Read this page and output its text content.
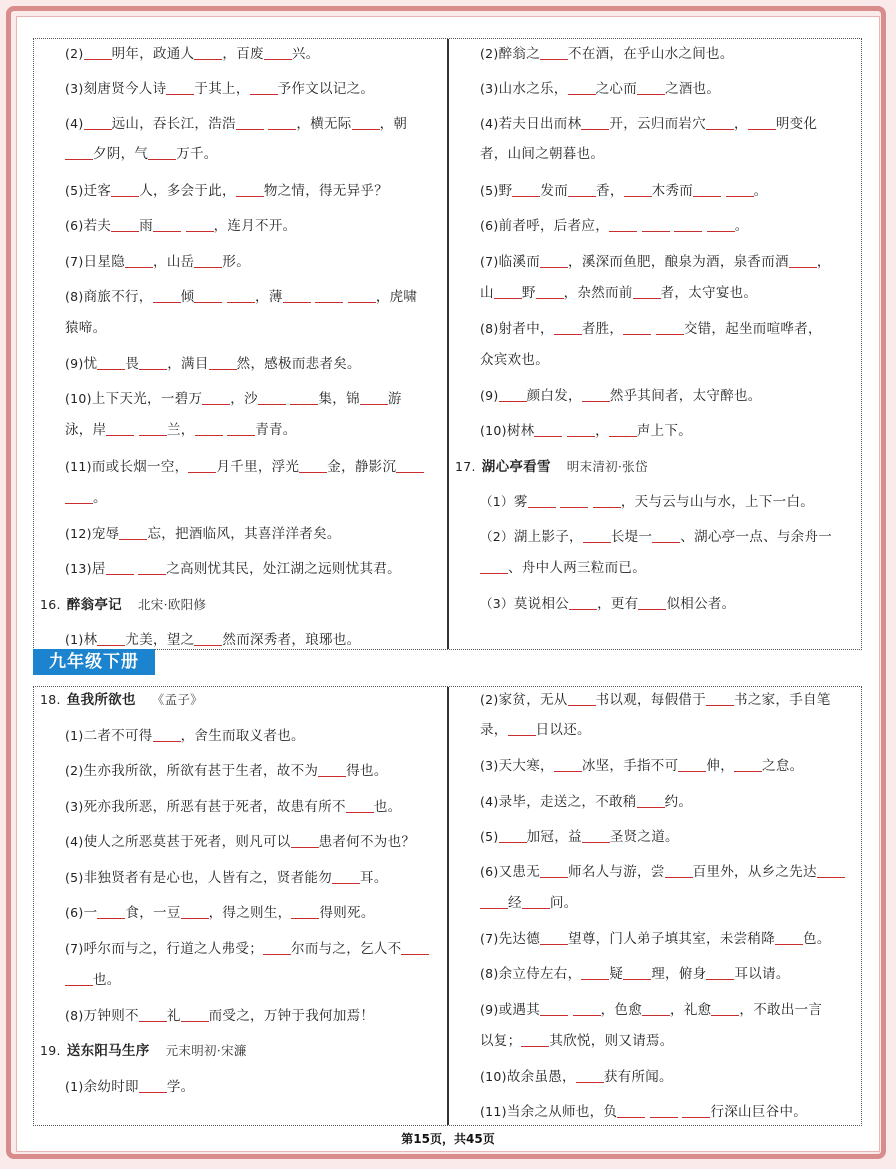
(2) 明年，政通人 ，百废 兴。
(3)刻唐贤今人诗 于其上， 予作文以记之。
(4) 远山，吞长江，浩浩	，横无际 ，朝
夕阴，气 万千。
(5)迁客 人，多会于此， 物之情，得无异乎？
(6)若夫 雨	，连月不开。
(7)日星隐 ，山岳 形。
(8)商旅不行， 倾	，薄	，虎啸
猿啼。
(9)忧 畏 ，满目 然，感极而悲者矣。
(10)上下天光，一碧万 ，沙	集，锦 游
泳，岸	兰，	青青。
(11)而或长烟一空， 月千里，浮光 金，静影沉
。
(12)宠辱 忘，把酒临风，其喜洋洋者矣。
(13)居	之高则忧其民，处江湖之远则忧其君。
16. 醉翁亭记 北宋·欧阳修
(1)林 尤美，望之 然而深秀者，琅琊也。
(2)醉翁之 不在酒，在乎山水之间也。
(3)山水之乐， 之心而 之酒也。
(4)若夫日出而林 开，云归而岩穴 ， 明变化
者，山间之朝暮也。
(5)野 发而 香， 木秀而	。
(6)前者呼，后者应，	。
(7)临溪而 ，溪深而鱼肥，酿泉为酒，泉香而酒 ，
山 野 ，杂然而前 者，太守宴也。
(8)射者中， 者胜，	交错，起坐而喧哗者，
众宾欢也。
(9) 颜白发， 然乎其间者，太守醉也。
(10)树林	， 声上下。
17. 湖心亭看雪 明末清初·张岱
（1）雾	，天与云与山与水，上下一白。
（2）湖上影子， 长堤一 、湖心亭一点、与余舟一
、舟中人两三粒而已。
（3）莫说相公 ，更有 似相公者。
九年级下册
18. 鱼我所欲也 《孟子》
(1)二者不可得 ，舍生而取义者也。
(2)生亦我所欲，所欲有甚于生者，故不为 得也。
(3)死亦我所恶，所恶有甚于死者，故患有所不 也。
(4)使人之所恶莫甚于死者，则凡可以 患者何不为也？
(5)非独贤者有是心也，人皆有之，贤者能勿 耳。
(6)一 食，一豆 ，得之则生， 得则死。
(7)呼尔而与之，行道之人弗受； 尔而与之，乞人不
也。
(8)万钟则不 礼 而受之，万钟于我何加焉！
19. 送东阳马生序 元末明初·宋濂
(1)余幼时即 学。
(2)家贫，无从 书以观，每假借于 书之家，手自笔
录， 日以还。
(3)天大寒， 冰坚，手指不可 伸， 之怠。
(4)录毕，走送之，不敢稍 约。
(5) 加冠，益 圣贤之道。
(6)又患无 师名人与游，尝 百里外，从乡之先达
经 问。
(7)先达德 望尊，门人弟子填其室，未尝稍降 色。
(8)余立侍左右， 疑 理，俯身 耳以请。
(9)或遇其	，色愈 ，礼愈 ，不敢出一言
以复； 其欣悦，则又请焉。
(10)故余虽愚， 获有所闻。
(11)当余之从师也，负	行深山巨谷中。
第15页，共45页
